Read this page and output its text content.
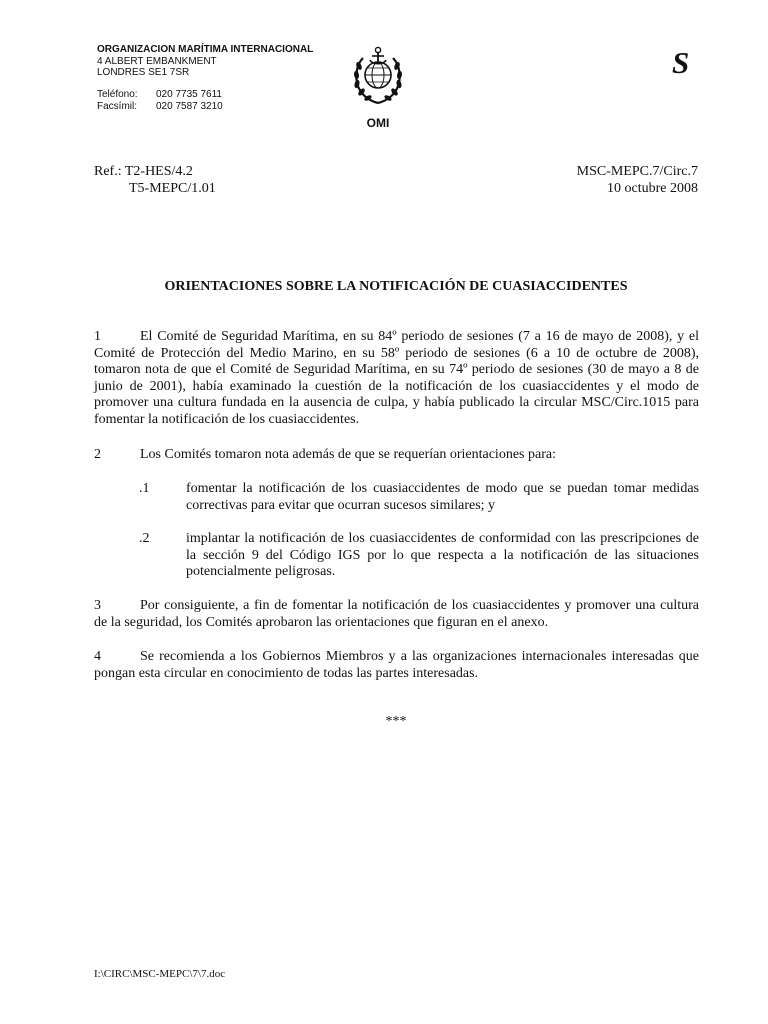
ORGANIZACION MARÍTIMA INTERNACIONAL
4 ALBERT EMBANKMENT
LONDRES SE1 7SR
Teléfono: 020 7735 7611
Facsímil: 020 7587 3210
OMI
S
Ref.: T2-HES/4.2
T5-MEPC/1.01
MSC-MEPC.7/Circ.7
10 octubre 2008
ORIENTACIONES SOBRE LA NOTIFICACIÓN DE CUASIACCIDENTES
1	El Comité de Seguridad Marítima, en su 84º periodo de sesiones (7 a 16 de mayo de 2008), y el Comité de Protección del Medio Marino, en su 58º periodo de sesiones (6 a 10 de octubre de 2008), tomaron nota de que el Comité de Seguridad Marítima, en su 74º periodo de sesiones (30 de mayo a 8 de junio de 2001), había examinado la cuestión de la notificación de los cuasiaccidentes y el modo de promover una cultura fundada en la ausencia de culpa, y había publicado la circular MSC/Circ.1015 para fomentar la notificación de los cuasiaccidentes.
2	Los Comités tomaron nota además de que se requerían orientaciones para:
.1	fomentar la notificación de los cuasiaccidentes de modo que se puedan tomar medidas correctivas para evitar que ocurran sucesos similares; y
.2	implantar la notificación de los cuasiaccidentes de conformidad con las prescripciones de la sección 9 del Código IGS por lo que respecta a la notificación de las situaciones potencialmente peligrosas.
3	Por consiguiente, a fin de fomentar la notificación de los cuasiaccidentes y promover una cultura de la seguridad, los Comités aprobaron las orientaciones que figuran en el anexo.
4	Se recomienda a los Gobiernos Miembros y a las organizaciones internacionales interesadas que pongan esta circular en conocimiento de todas las partes interesadas.
***
I:\CIRC\MSC-MEPC\7\7.doc
